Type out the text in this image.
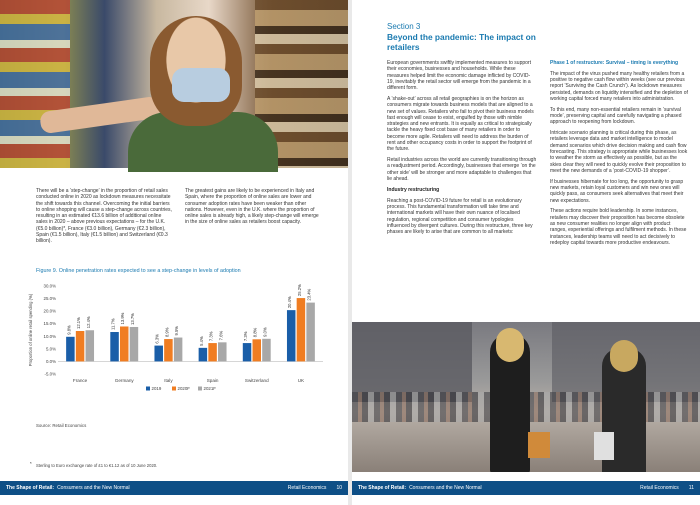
There will be a ‘step-change’ in the proportion of retail sales conducted online in 2020 as lockdown measures necessitate the shift towards this channel. Overcoming the initial barriers to online shopping will cause a step-change across countries, resulting in an estimated €13.6 billion of additional online sales in 2020 – above previous expectations – for the U.K. (€5.0 billion)*, France (€3.0 billion), Germany (€2.3 billion), Spain (€1.5 billion), Italy (€1.5 billion) and Switzerland (€0.3 billion).
The greatest gains are likely to be experienced in Italy and Spain, where the proportion of online sales are lower and consumer adoption rates have been weaker than other nations. However, even in the U.K. where the proportion of online sales is already high, a likely step-change will emerge in the size of online sales as retailers boost capacity.
Figure 9. Online penetration rates expected to see a step-change in levels of adoption
Proportion of online retail spending (%)
-5.0%
0.0%
5.0%
10.0%
15.0%
20.0%
25.0%
30.0%
9.8%
12.1% 12.4%
France
11.7% 13.9% 13.7%
Germany
6.3%
8.9% 9.5%
Italy
5.4%
7.3% 7.6%
Spain
7.3% 8.8% 9.0%
Switzerland
20.4%
25.2% 23.4%
UK
2019	2020F	2021F
Source: Retail Economics
* Sterling to Euro exchange rate of £1 to €1.12 as of 10 June 2020.
The Shape of Retail: Consumers and the New Normal	Retail Economics 10
Section 3
Beyond the pandemic: The impact on retailers

European governments swiftly implemented measures to support their economies, businesses and households. While these measures helped limit the economic damage inflicted by COVID-19, inevitably the retail sector will emerge from the pandemic in a different form.

A ‘shake-out’ across all retail geographies is on the horizon as consumers migrate towards business models that are aligned to a new set of values. Retailers who fail to pivot their business models fast enough will cease to exist, engulfed by those with nimble strategies and new entrants. It is equally as critical to strategically tackle the heavy fixed cost base of many retailers in order to become more agile. Retailers will need to address the burden of rent and other occupancy costs in order to support the footprint of the future.

Retail industries across the world are currently transitioning through a readjustment period. Accordingly, businesses that emerge ‘on the other side’ will be stronger and more adaptable to challenges that lie ahead.

Industry restructuring

Reaching a post-COVID-19 future for retail is an evolutionary process. This fundamental transformation will take time and international markets will have their own nuance of localised regulation, regional competition and consumer typologies influenced by divergent cultures. During this restructure, three key phases are likely to arise that are common to all markets:

Phase 1 of restructure: Survival – timing is everything

The impact of the virus pushed many healthy retailers from a positive to negative cash flow within weeks (see our previous report ‘Surviving the Cash Crunch’). As lockdown measures persisted, demands on liquidity intensified and the depletion of working capital forced many retailers into administration.

To this end, many non-essential retailers remain in ‘survival mode’, preserving capital and carefully navigating a phased approach to reopening from lockdown.

Intricate scenario planning is critical during this phase, as retailers leverage data and market intelligence to model demand scenarios which drive decision making and cash flow forecasting. This strategy is appropriate while businesses look to weather the storm as effectively as possible, but as the skies clear they will need to quickly evolve their proposition to meet the new demands of a ‘post-COVID-19 shopper’.

If businesses hibernate for too long, the opportunity to grasp new markets, retain loyal customers and win new ones will quickly pass, as consumers seek alternatives that meet their new expectations.

These actions require bold leadership. In some instances, retailers may discover their proposition has become obsolete as new consumer realities no longer align with product ranges, experiential offerings and fulfilment methods. In these instances, leadership teams will need to act decisively to redeploy capital towards more productive endeavours.

The Shape of Retail: Consumers and the New Normal	Retail Economics 11
